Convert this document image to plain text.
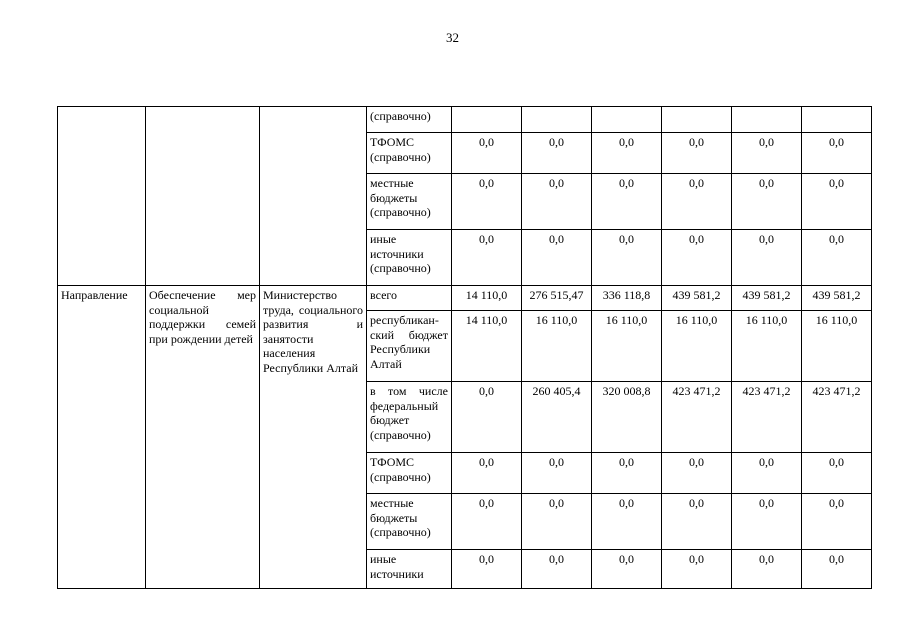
32
			(справочно)						
			ТФОМС (справочно)	0,0	0,0	0,0	0,0	0,0	0,0
			местные бюджеты (справочно)	0,0	0,0	0,0	0,0	0,0	0,0
			иные источники (справочно)	0,0	0,0	0,0	0,0	0,0	0,0
Направление	Обеспечение мер социальной поддержки семей при рождении детей	Министерство труда, социального развития и занятости населения Республики Алтай	всего	14 110,0	276 515,47	336 118,8	439 581,2	439 581,2	439 581,2
			республикан-ский бюджет Республики Алтай	14 110,0	16 110,0	16 110,0	16 110,0	16 110,0	16 110,0
			в том числе федеральный бюджет (справочно)	0,0	260 405,4	320 008,8	423 471,2	423 471,2	423 471,2
			ТФОМС (справочно)	0,0	0,0	0,0	0,0	0,0	0,0
			местные бюджеты (справочно)	0,0	0,0	0,0	0,0	0,0	0,0
			иные источники	0,0	0,0	0,0	0,0	0,0	0,0
